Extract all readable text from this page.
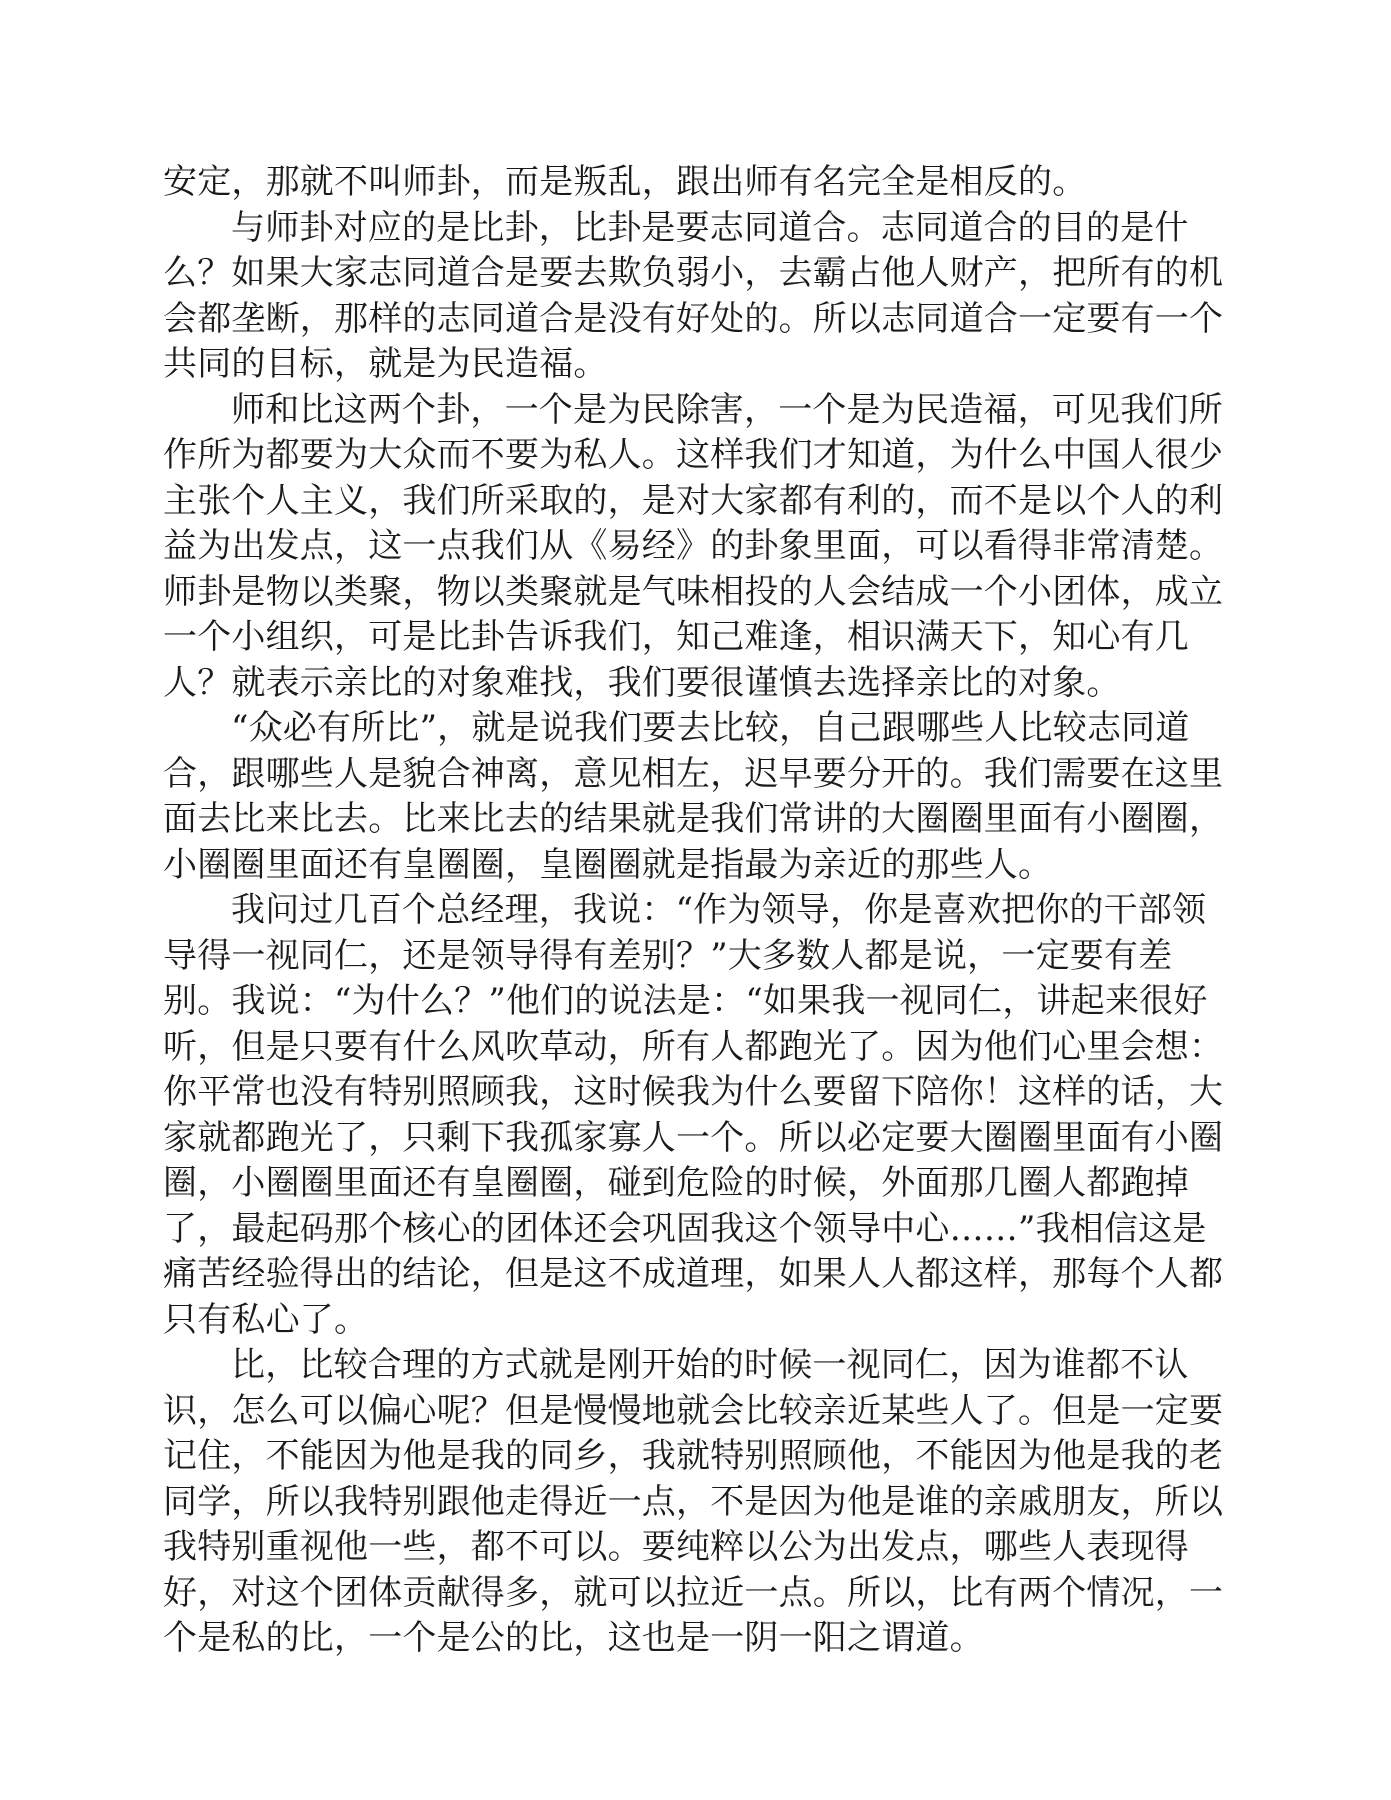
安定，那就不叫师卦，而是叛乱，跟出师有名完全是相反的。
与师卦对应的是比卦，比卦是要志同道合。志同道合的目的是什
么？如果大家志同道合是要去欺负弱小，去霸占他人财产，把所有的机
会都垄断，那样的志同道合是没有好处的。所以志同道合一定要有一个
共同的目标，就是为民造福。
师和比这两个卦，一个是为民除害，一个是为民造福，可见我们所
作所为都要为大众而不要为私人。这样我们才知道，为什么中国人很少
主张个人主义，我们所采取的，是对大家都有利的，而不是以个人的利
益为出发点，这一点我们从《易经》的卦象里面，可以看得非常清楚。
师卦是物以类聚，物以类聚就是气味相投的人会结成一个小团体，成立
一个小组织，可是比卦告诉我们，知己难逢，相识满天下，知心有几
人？就表示亲比的对象难找，我们要很谨慎去选择亲比的对象。
“众必有所比”，就是说我们要去比较，自己跟哪些人比较志同道
合，跟哪些人是貌合神离，意见相左，迟早要分开的。我们需要在这里
面去比来比去。比来比去的结果就是我们常讲的大圈圈里面有小圈圈，
小圈圈里面还有皇圈圈，皇圈圈就是指最为亲近的那些人。
我问过几百个总经理，我说：“作为领导，你是喜欢把你的干部领
导得一视同仁，还是领导得有差别？”大多数人都是说，一定要有差
别。我说：“为什么？”他们的说法是：“如果我一视同仁，讲起来很好
听，但是只要有什么风吹草动，所有人都跑光了。因为他们心里会想：
你平常也没有特别照顾我，这时候我为什么要留下陪你！这样的话，大
家就都跑光了，只剩下我孤家寡人一个。所以必定要大圈圈里面有小圈
圈，小圈圈里面还有皇圈圈，碰到危险的时候，外面那几圈人都跑掉
了，最起码那个核心的团体还会巩固我这个领导中心……”我相信这是
痛苦经验得出的结论，但是这不成道理，如果人人都这样，那每个人都
只有私心了。
比，比较合理的方式就是刚开始的时候一视同仁，因为谁都不认
识，怎么可以偏心呢？但是慢慢地就会比较亲近某些人了。但是一定要
记住，不能因为他是我的同乡，我就特别照顾他，不能因为他是我的老
同学，所以我特别跟他走得近一点，不是因为他是谁的亲戚朋友，所以
我特别重视他一些，都不可以。要纯粹以公为出发点，哪些人表现得
好，对这个团体贡献得多，就可以拉近一点。所以，比有两个情况，一
个是私的比，一个是公的比，这也是一阴一阳之谓道。
